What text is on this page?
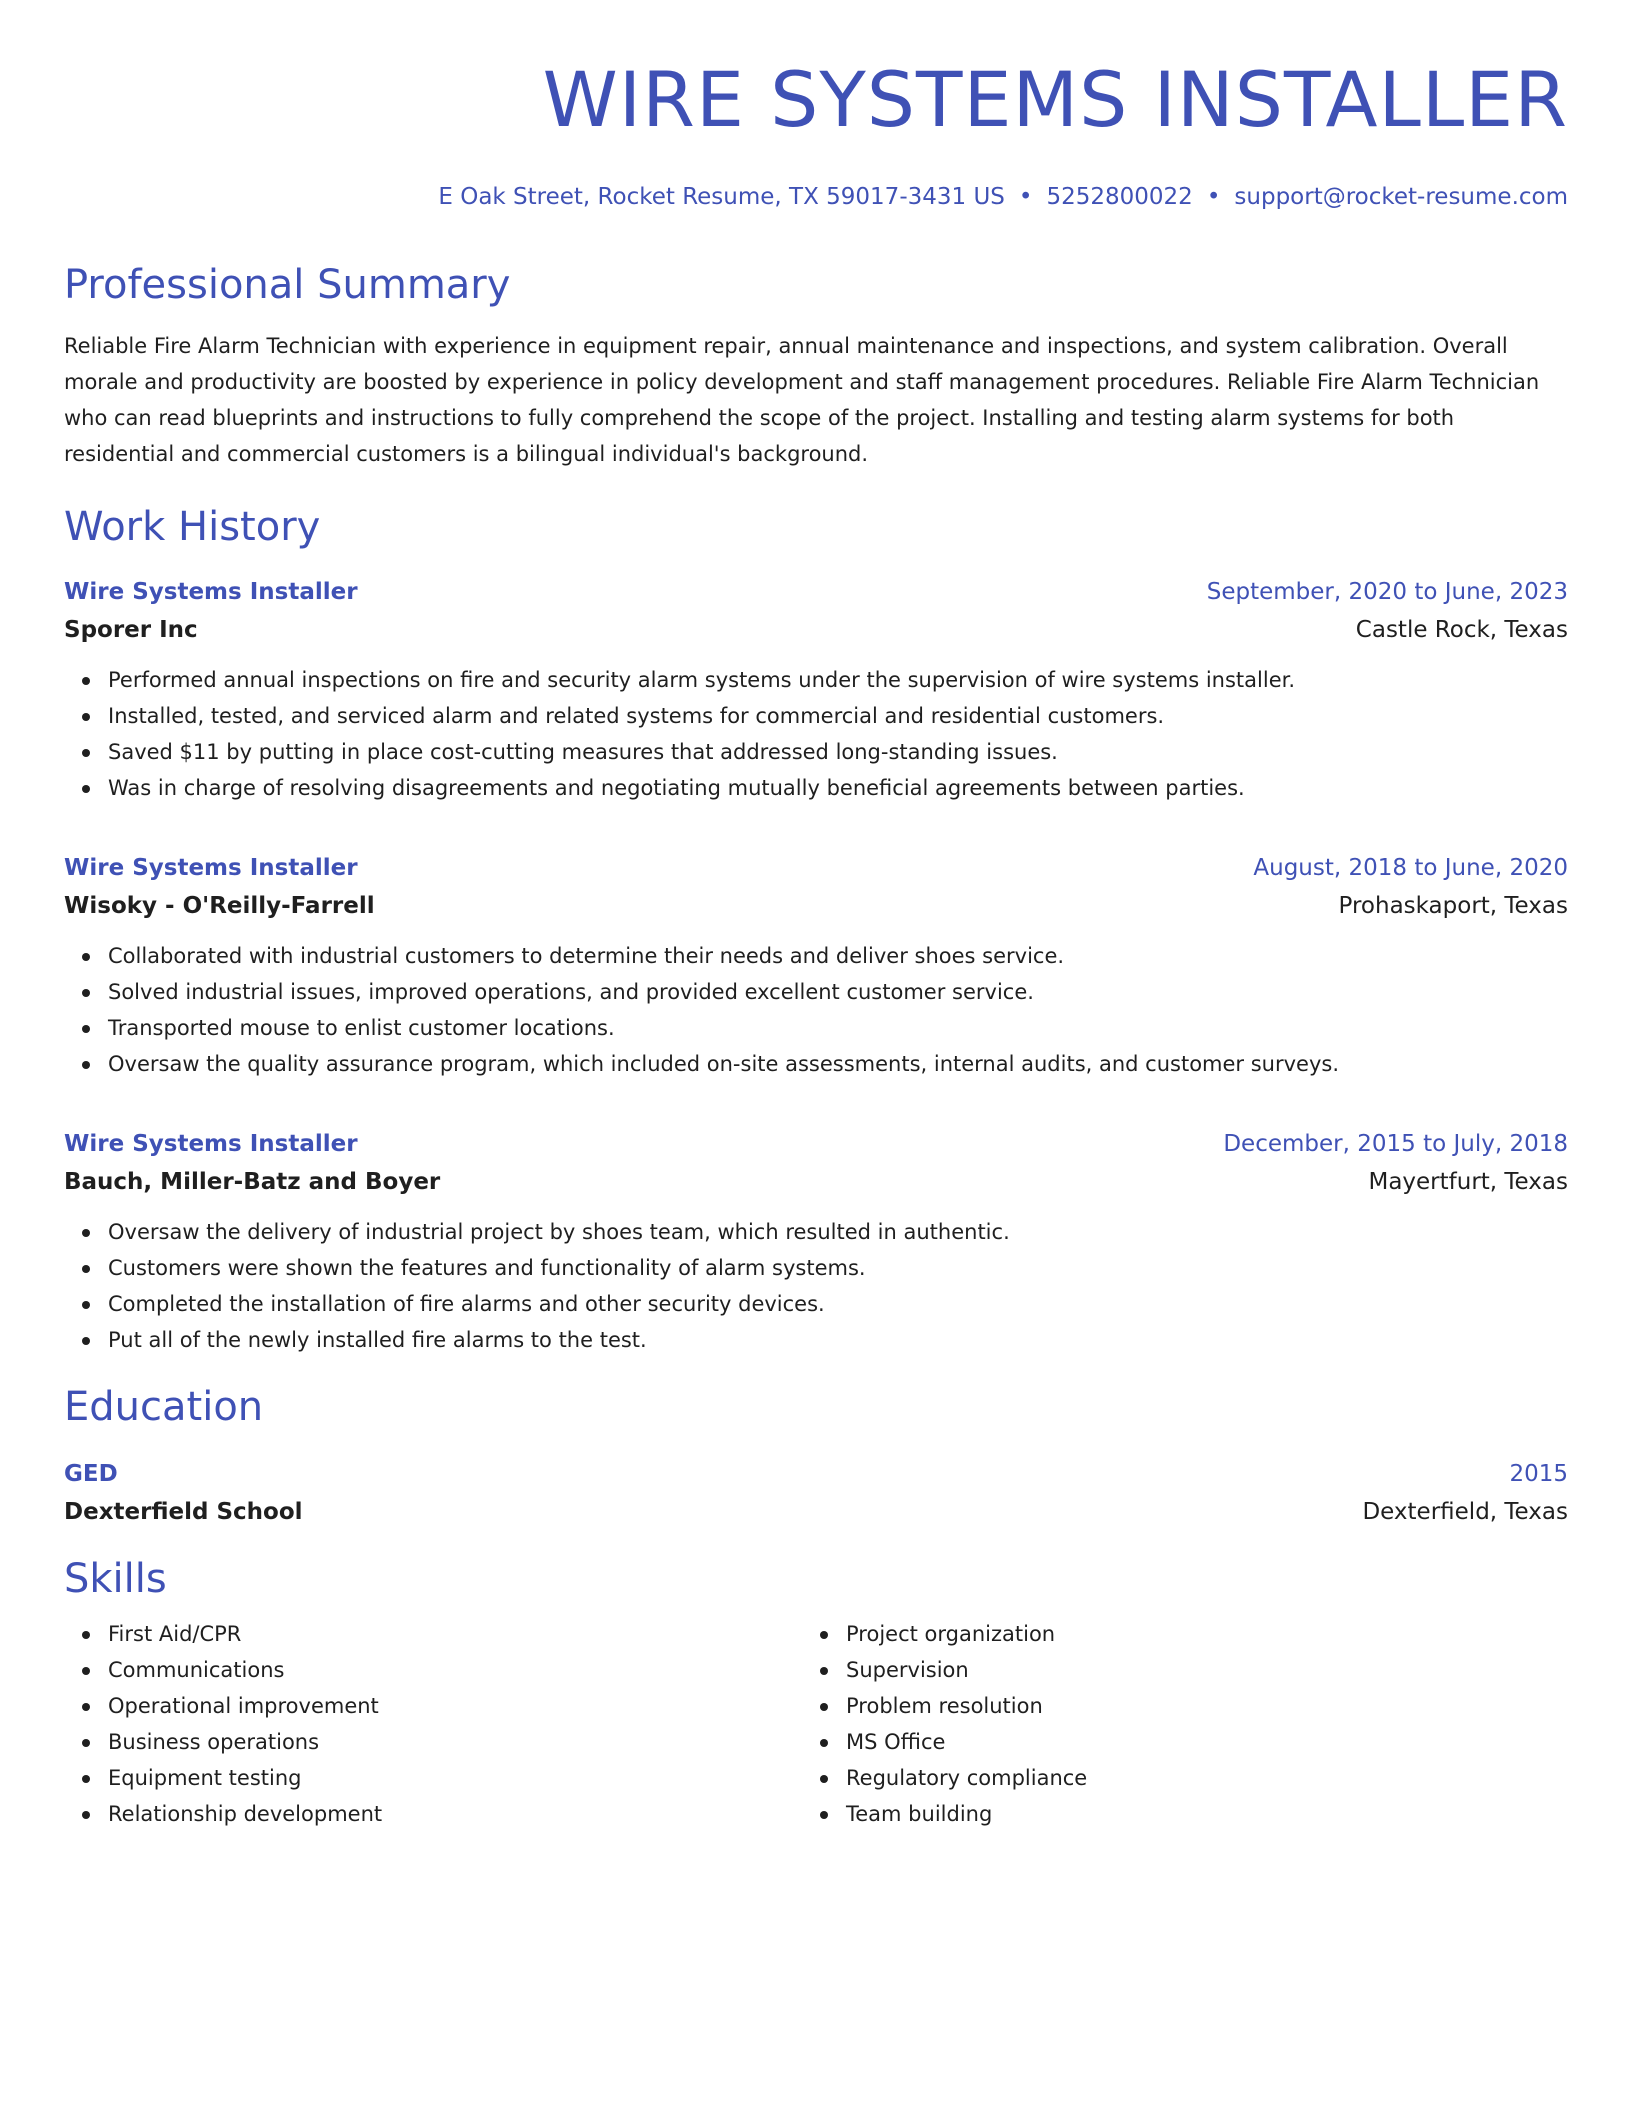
WIRE SYSTEMS INSTALLER
E Oak Street, Rocket Resume, TX 59017-3431 US • 5252800022 • support@rocket-resume.com
Professional Summary
Reliable Fire Alarm Technician with experience in equipment repair, annual maintenance and inspections, and system calibration. Overall morale and productivity are boosted by experience in policy development and staff management procedures. Reliable Fire Alarm Technician who can read blueprints and instructions to fully comprehend the scope of the project. Installing and testing alarm systems for both residential and commercial customers is a bilingual individual's background.
Work History
Wire Systems Installer	September, 2020 to June, 2023
Sporer Inc	Castle Rock, Texas
Performed annual inspections on fire and security alarm systems under the supervision of wire systems installer.
Installed, tested, and serviced alarm and related systems for commercial and residential customers.
Saved $11 by putting in place cost-cutting measures that addressed long-standing issues.
Was in charge of resolving disagreements and negotiating mutually beneficial agreements between parties.
Wire Systems Installer	August, 2018 to June, 2020
Wisoky - O'Reilly-Farrell	Prohaskaport, Texas
Collaborated with industrial customers to determine their needs and deliver shoes service.
Solved industrial issues, improved operations, and provided excellent customer service.
Transported mouse to enlist customer locations.
Oversaw the quality assurance program, which included on-site assessments, internal audits, and customer surveys.
Wire Systems Installer	December, 2015 to July, 2018
Bauch, Miller-Batz and Boyer	Mayertfurt, Texas
Oversaw the delivery of industrial project by shoes team, which resulted in authentic.
Customers were shown the features and functionality of alarm systems.
Completed the installation of fire alarms and other security devices.
Put all of the newly installed fire alarms to the test.
Education
GED	2015
Dexterfield School	Dexterfield, Texas
Skills
First Aid/CPR
Communications
Operational improvement
Business operations
Equipment testing
Relationship development
Project organization
Supervision
Problem resolution
MS Office
Regulatory compliance
Team building
